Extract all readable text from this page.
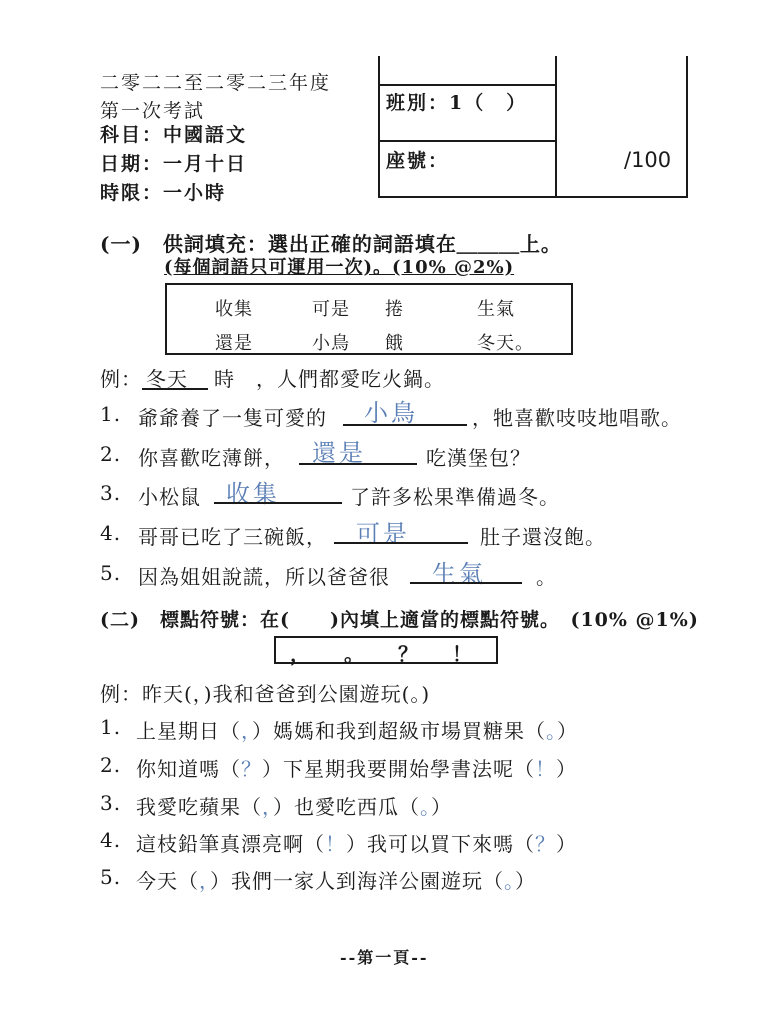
二零二二至二零二三年度
第一次考試
科目：中國語文
日期：一月十日
時限：一小時
班別：1（　）
座號：	/100
(一)　供詞填充：選出正確的詞語填在＿＿＿上。
(每個詞語只可運用一次)。(10% @2%)
收集	可是 捲	生氣
還是	小鳥 餓	冬天。
例： 冬天 時　，人們都愛吃火鍋。
1. 爺爺養了一隻可愛的 小鳥	，牠喜歡吱吱地唱歌。
2. 你喜歡吃薄餅， 還是	吃漢堡包？
3. 小松鼠 收集	了許多松果準備過冬。
4. 哥哥已吃了三碗飯， 可是	肚子還沒飽。
5. 因為姐姐說謊，所以爸爸很 生氣	。
(二)　標點符號：在(　　)內填上適當的標點符號。　(10% @1%)
， 。 ？ ！
例：昨天(，)我和爸爸到公園遊玩(。)
1. 上星期日（，）媽媽和我到超級市場買糖果（。）
2. 你知道嗎（？）下星期我要開始學書法呢（！）
3. 我愛吃蘋果（，）也愛吃西瓜（。）
4. 這枝鉛筆真漂亮啊（！）我可以買下來嗎（？）
5. 今天（，）我們一家人到海洋公園遊玩（。）
--第一頁--
